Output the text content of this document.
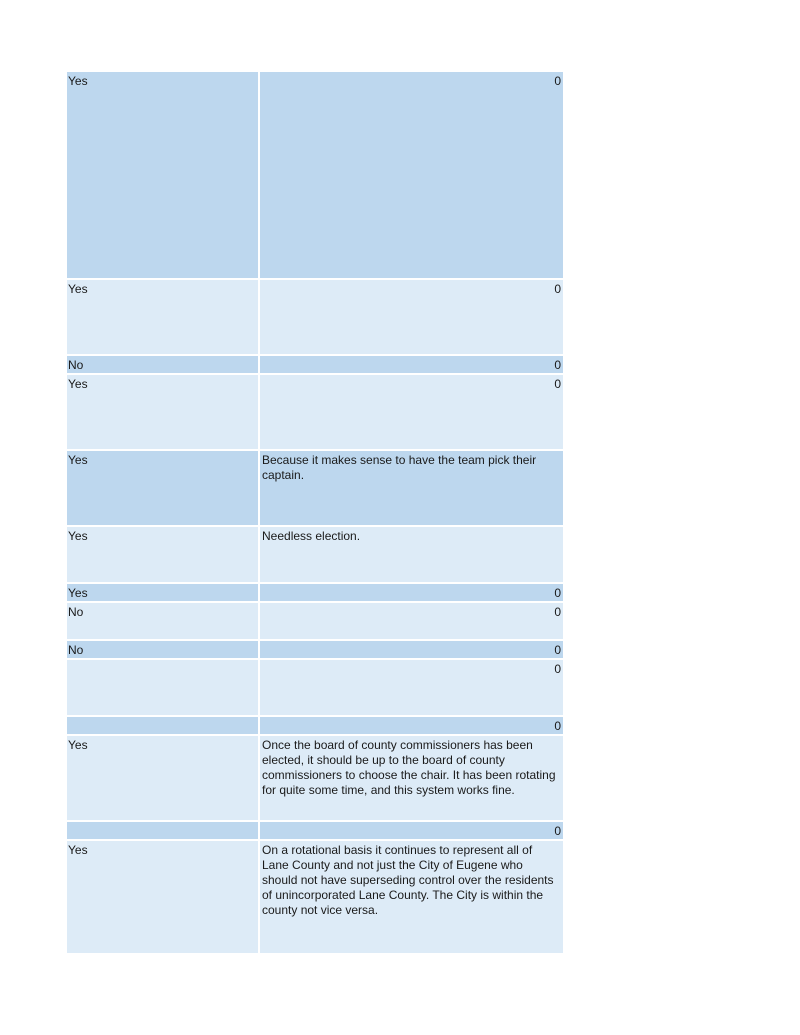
Yes	0
Yes	0
No	0
Yes	0
Yes	Because it makes sense to have the team pick their captain.
Yes	Needless election.
Yes	0
No	0
No	0
	0
	0
Yes	Once the board of county commissioners has been elected, it should be up to the board of county commissioners to choose the chair. It has been rotating for quite some time, and this system works fine.
	0
Yes	On a rotational basis it continues to represent all of Lane County and not just the City of Eugene who should not have superseding control over the residents of unincorporated Lane County. The City is within the county not vice versa.
